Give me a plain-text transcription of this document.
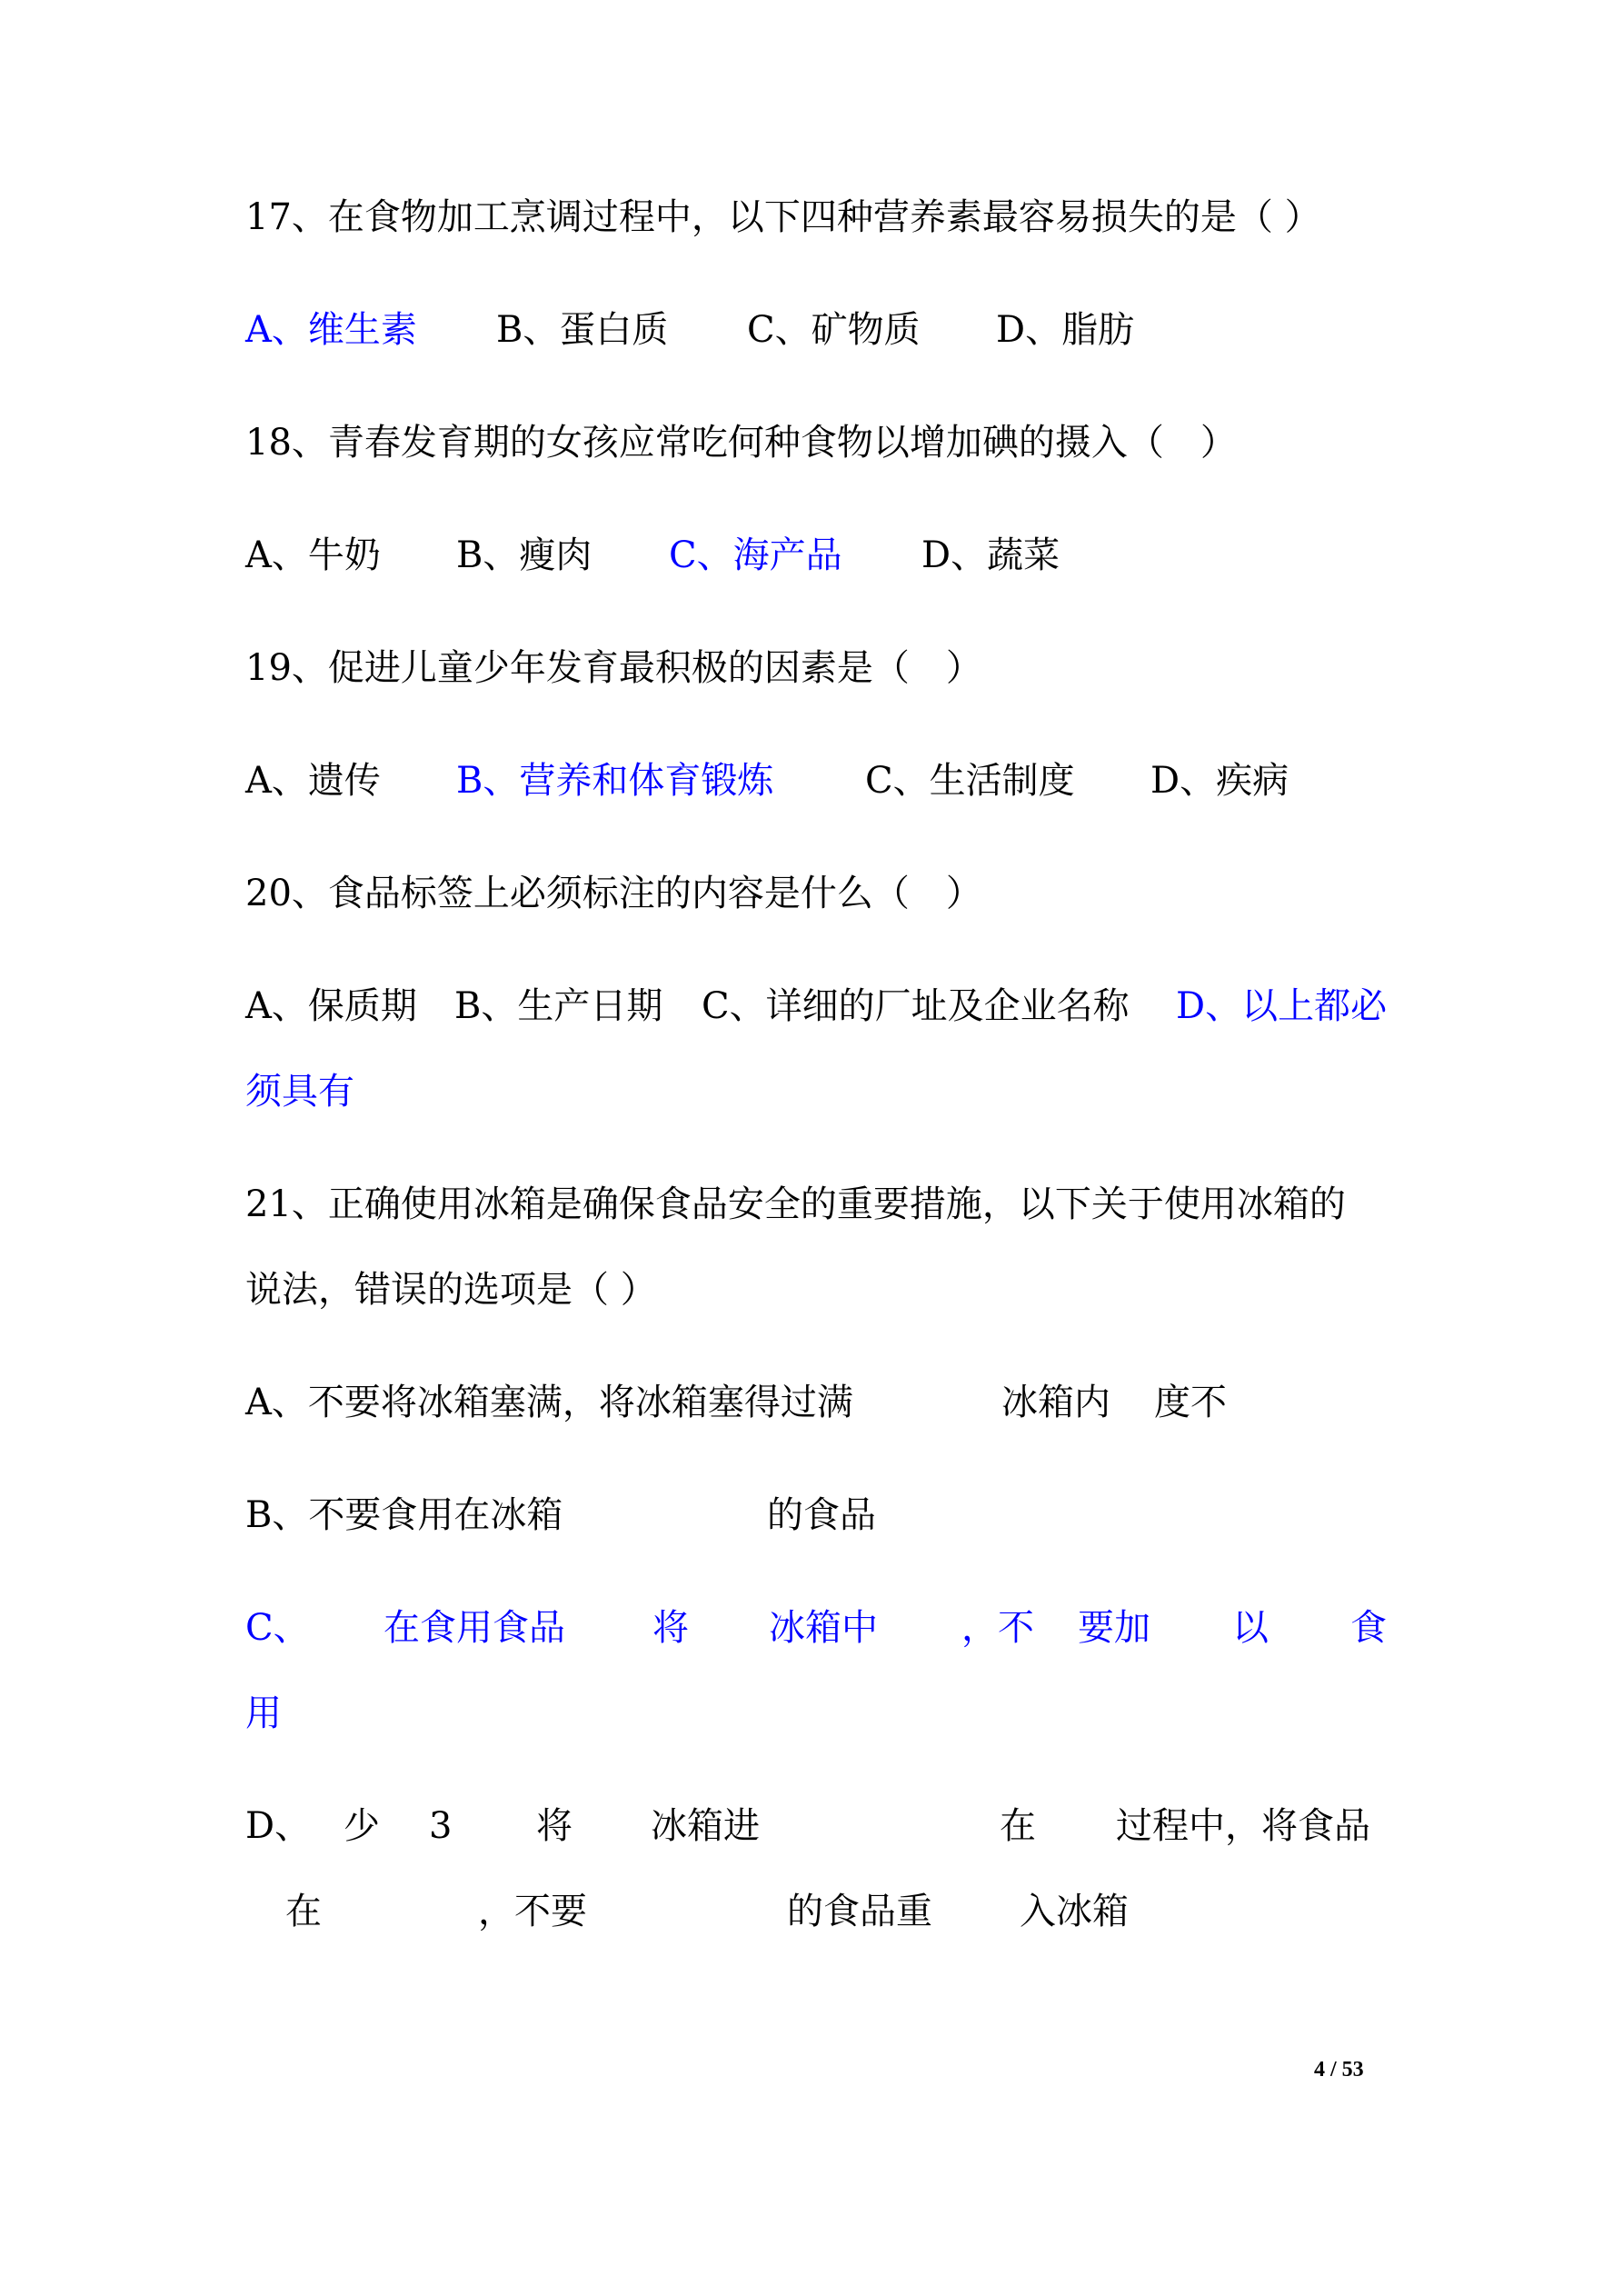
17、在食物加工烹调过程中，以下四种营养素最容易损失的是（ ）
A、维生素 B、蛋白质 C、矿物质 D、脂肪
18、青春发育期的女孩应常吃何种食物以增加碘的摄入（　）
A、牛奶 B、瘦肉 C、海产品 D、蔬菜
19、促进儿童少年发育最积极的因素是（　）
A、遗传 B、营养和体育锻炼	C、生活制度 D、疾病
20、食品标签上必须标注的内容是什么（　）
A、保质期 B、生产日期 C、详细的厂址及企业名称 D、以上都必
须具有
21、正确使用冰箱是确保食品安全的重要措施，以下关于使用冰箱的
说法，错误的选项是（ ）
A、不要将冰箱塞满，将冰箱塞得过满	冰箱内 度不
B、不要食用在冰箱	的食品
C、 在食用食品 将 冰箱中 ，不 要加 以 食
用
D、 少 3 将 冰箱进	在 过程中，将食品
在	，不要	的食品重 入冰箱
4 / 53
